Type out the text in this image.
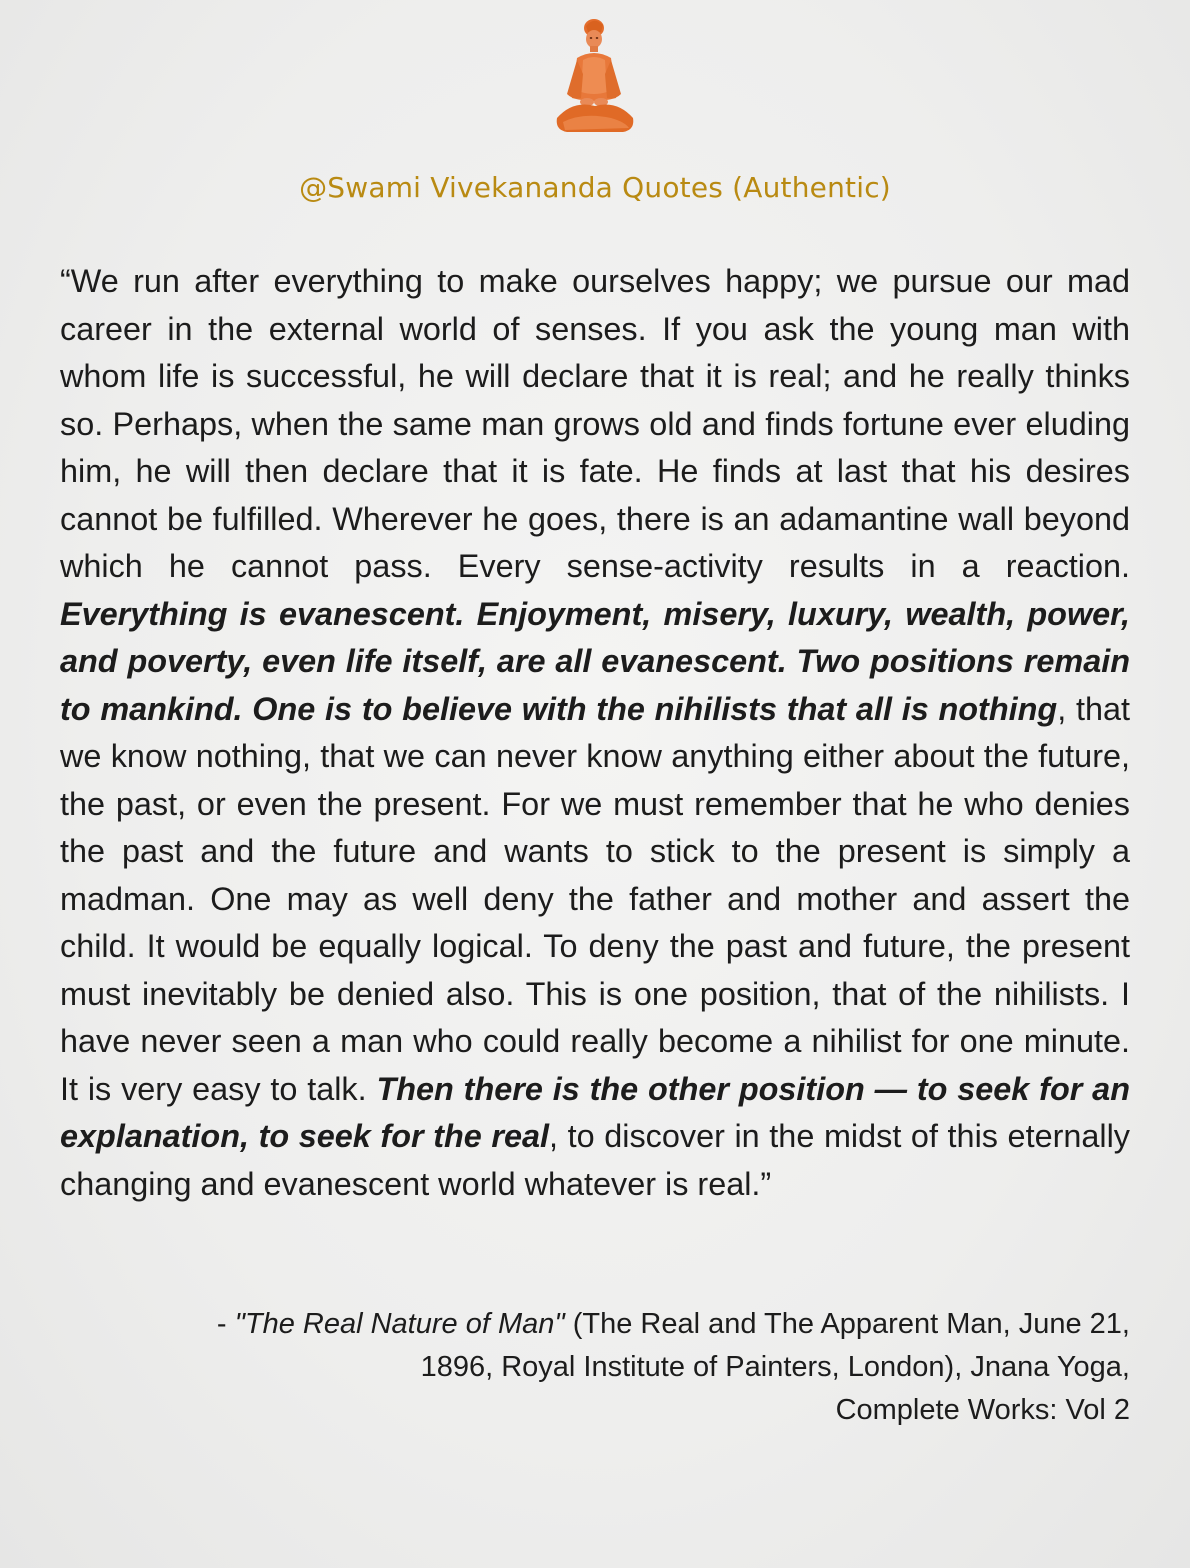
@Swami Vivekananda Quotes (Authentic)

“We run after everything to make ourselves happy; we pursue our mad career in the external world of senses. If you ask the young man with whom life is successful, he will declare that it is real; and he really thinks so. Perhaps, when the same man grows old and finds fortune ever eluding him, he will then declare that it is fate. He finds at last that his desires cannot be fulfilled. Wherever he goes, there is an adamantine wall beyond which he cannot pass. Every sense-activity results in a reaction. Everything is evanescent. Enjoyment, misery, luxury, wealth, power, and poverty, even life itself, are all evanescent. Two positions remain to mankind. One is to believe with the nihilists that all is nothing, that we know nothing, that we can never know anything either about the future, the past, or even the present. For we must remember that he who denies the past and the future and wants to stick to the present is simply a madman. One may as well deny the father and mother and assert the child. It would be equally logical. To deny the past and future, the present must inevitably be denied also. This is one position, that of the nihilists. I have never seen a man who could really become a nihilist for one minute. It is very easy to talk. Then there is the other position — to seek for an explanation, to seek for the real, to discover in the midst of this eternally changing and evanescent world whatever is real.”

- "The Real Nature of Man" (The Real and The Apparent Man, June 21,
1896, Royal Institute of Painters, London), Jnana Yoga,
Complete Works: Vol 2
